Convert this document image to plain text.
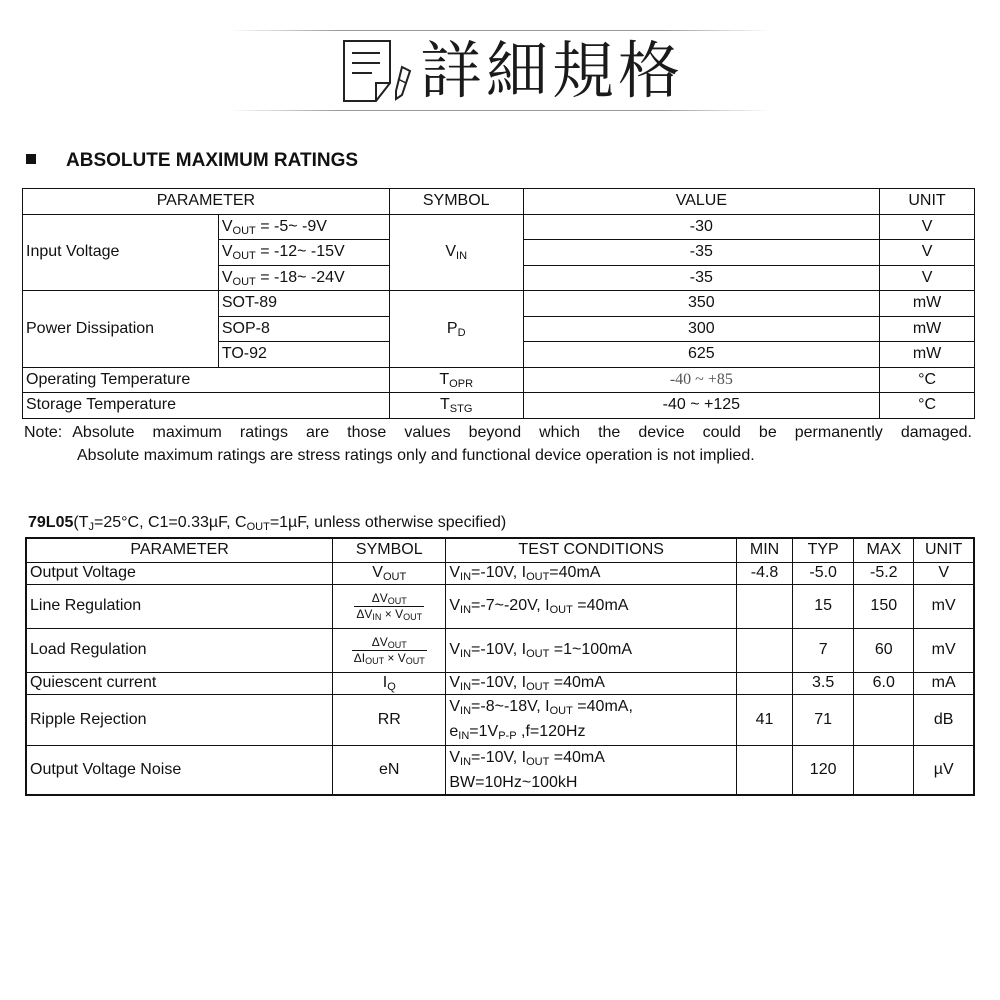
詳細規格
ABSOLUTE MAXIMUM RATINGS
PARAMETER		SYMBOL	VALUE	UNIT
Input Voltage	VOUT = -5~ -9V	VIN	-30	V
	VOUT = -12~ -15V		-35	V
	VOUT = -18~ -24V		-35	V
Power Dissipation	SOT-89	PD	350	mW
	SOP-8		300	mW
	TO-92		625	mW
Operating Temperature		TOPR	-40 ~ +85	°C
Storage Temperature		TSTG	-40 ~ +125	°C
Note: Absolute maximum ratings are those values beyond which the device could be permanently damaged.
Absolute maximum ratings are stress ratings only and functional device operation is not implied.
79L05(TJ=25°C, C1=0.33µF, COUT=1µF, unless otherwise specified)
PARAMETER	SYMBOL	TEST CONDITIONS	MIN	TYP	MAX	UNIT
Output Voltage	VOUT	VIN=-10V, IOUT=40mA	-4.8	-5.0	-5.2	V
Line Regulation	$\frac{\text{ΔVOUT}}{\text{ΔVIN × VOUT}}$	VIN=-7~-20V, IOUT =40mA		15	150	mV
Load Regulation	$\frac{\text{ΔVOUT}}{\text{ΔIOUT × VOUT}}$	VIN=-10V, IOUT =1~100mA		7	60	mV
Quiescent current	IQ	VIN=-10V, IOUT =40mA		3.5	6.0	mA
Ripple Rejection	RR	VIN=-8~-18V, IOUT =40mA,
eIN=1VP-P ,f=120Hz	41	71		dB
Output Voltage Noise	eN	VIN=-10V, IOUT =40mA
BW=10Hz~100kH		120		µV
